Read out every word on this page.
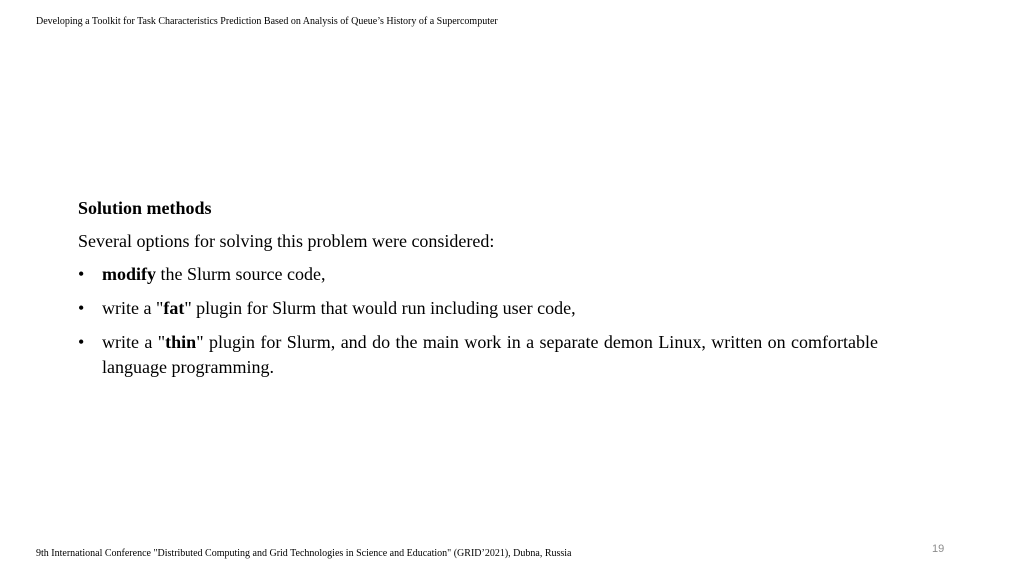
Developing a Toolkit for Task Characteristics Prediction Based on Analysis of Queue’s History of a Supercomputer
Solution methods
Several options for solving this problem were considered:
• modify the Slurm source code,
• write a "fat" plugin for Slurm that would run including user code,
• write a "thin" plugin for Slurm, and do the main work in a separate demon Linux, written on comfortable language programming.
9th International Conference "Distributed Computing and Grid Technologies in Science and Education" (GRID’2021), Dubna, Russia	19
